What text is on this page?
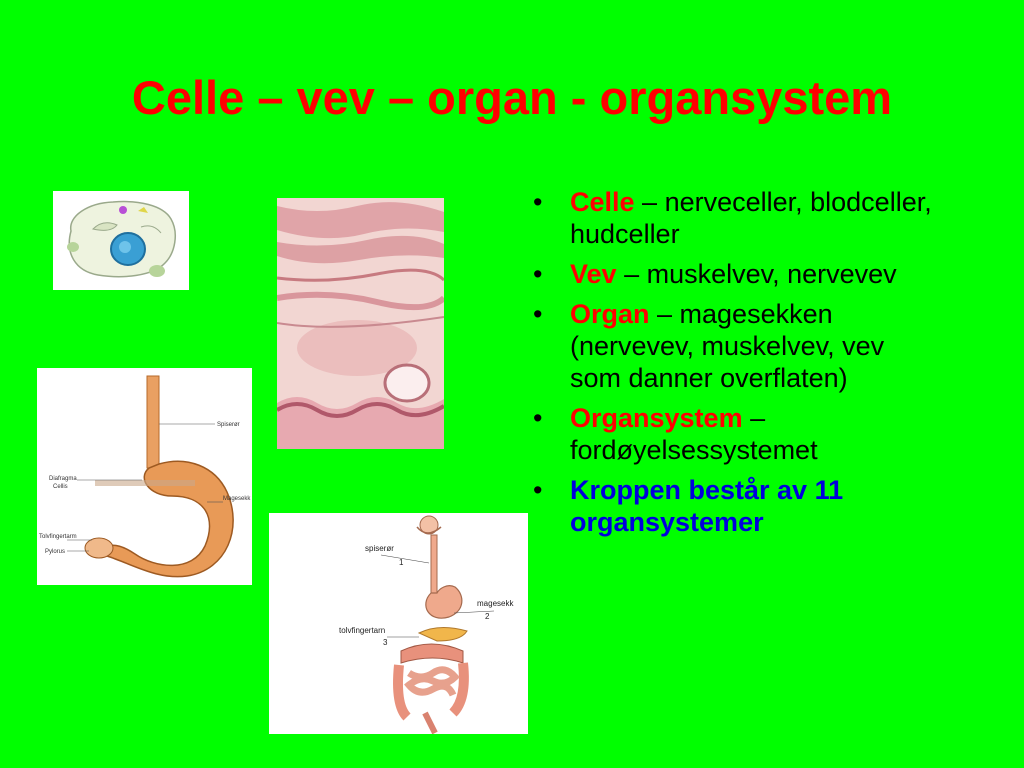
Celle – vev – organ - organsystem
Spiserør
Diafragma
Cellis
Magesekk
Tolvfingertarm
Pylorus	spiserør
1
magesekk
2
tolvfingertarn
3
• Celle – nerveceller, blodceller, hudceller
• Vev – muskelvev, nervevev
• Organ – magesekken (nervevev, muskelvev, vev som danner overflaten)
• Organsystem – fordøyelsessystemet
• Kroppen består av 11 organsystemer
